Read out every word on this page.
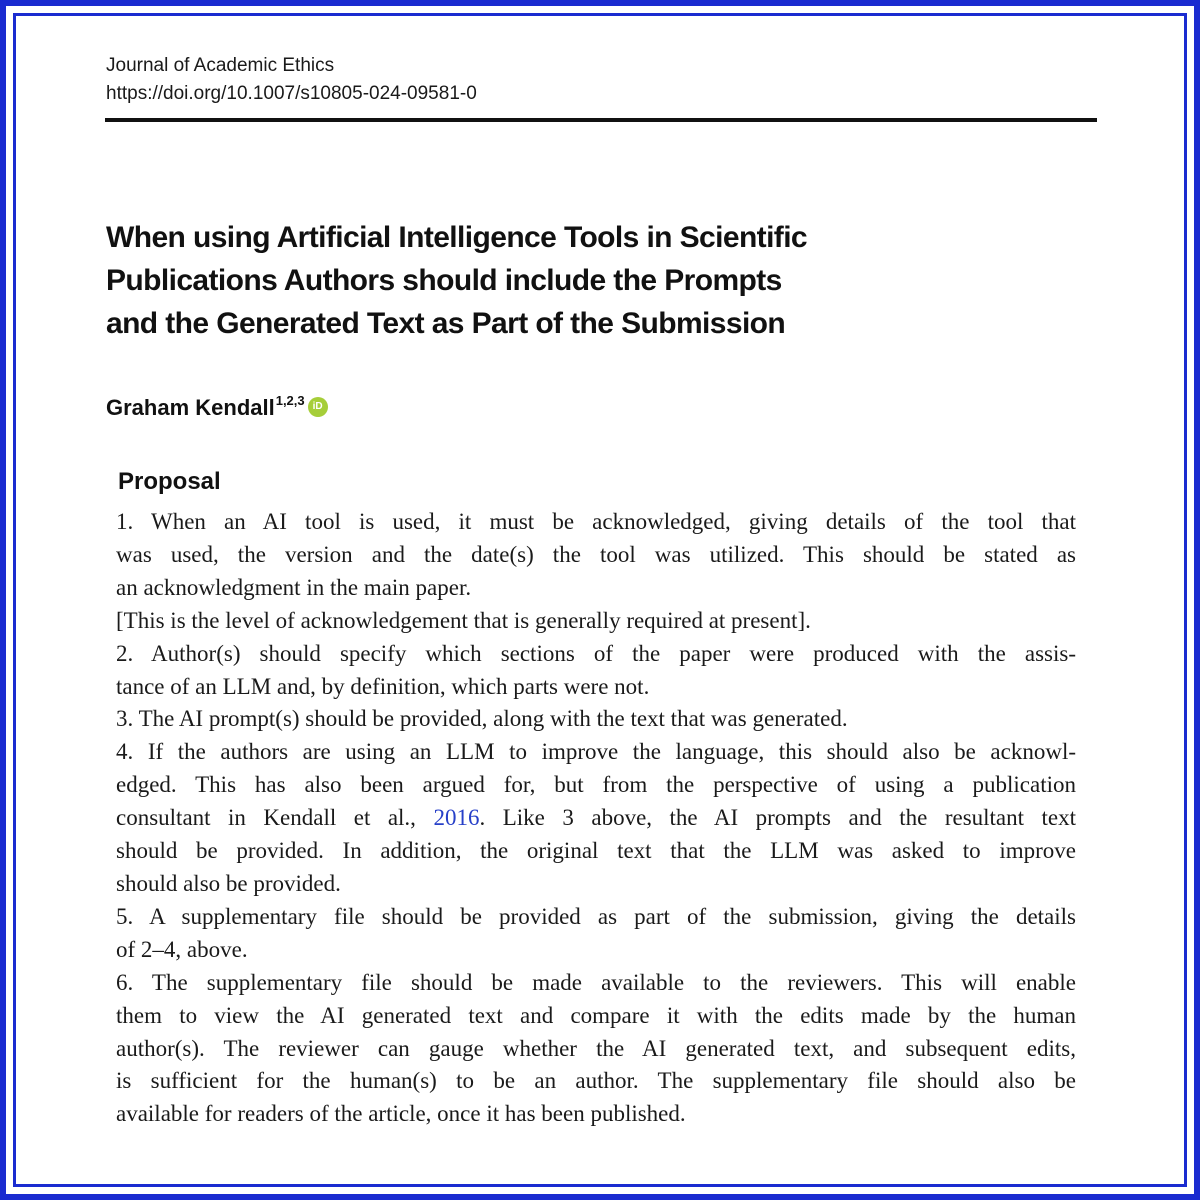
Journal of Academic Ethics
https://doi.org/10.1007/s10805-024-09581-0
When using Artificial Intelligence Tools in Scientific
Publications Authors should include the Prompts
and the Generated Text as Part of the Submission
Graham Kendall$^{1,2,3}$ iD
Proposal
1. When an AI tool is used, it must be acknowledged, giving details of the tool that
was used, the version and the date(s) the tool was utilized. This should be stated as
an acknowledgment in the main paper.
[This is the level of acknowledgement that is generally required at present].
2. Author(s) should specify which sections of the paper were produced with the assis-
tance of an LLM and, by definition, which parts were not.
3. The AI prompt(s) should be provided, along with the text that was generated.
4. If the authors are using an LLM to improve the language, this should also be acknowl-
edged. This has also been argued for, but from the perspective of using a publication
consultant in Kendall et al., 2016. Like 3 above, the AI prompts and the resultant text
should be provided. In addition, the original text that the LLM was asked to improve
should also be provided.
5. A supplementary file should be provided as part of the submission, giving the details
of 2–4, above.
6. The supplementary file should be made available to the reviewers. This will enable
them to view the AI generated text and compare it with the edits made by the human
author(s). The reviewer can gauge whether the AI generated text, and subsequent edits,
is sufficient for the human(s) to be an author. The supplementary file should also be
available for readers of the article, once it has been published.
